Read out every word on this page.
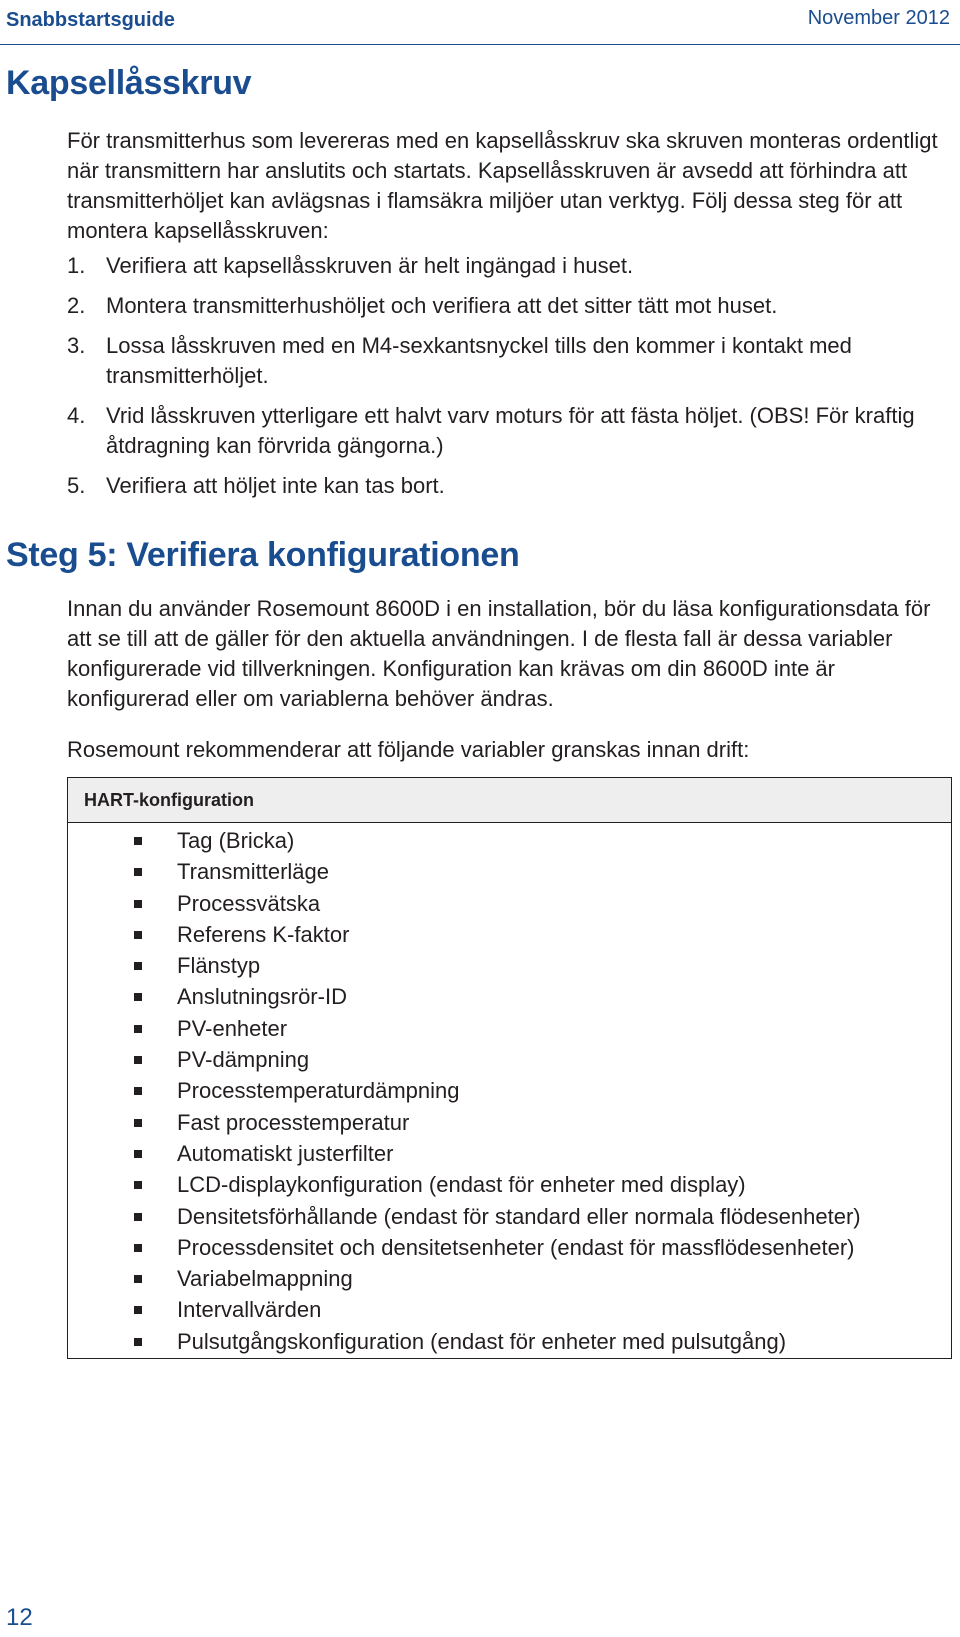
Snabbstartsguide	November 2012
Kapsellåsskruv

För transmitterhus som levereras med en kapsellåsskruv ska skruven monteras ordentligt när transmittern har anslutits och startats. Kapsellåsskruven är avsedd att förhindra att transmitterhöljet kan avlägsnas i flamsäkra miljöer utan verktyg. Följ dessa steg för att montera kapsellåsskruven:

1. Verifiera att kapsellåsskruven är helt ingängad i huset.
2. Montera transmitterhushöljet och verifiera att det sitter tätt mot huset.
3. Lossa låsskruven med en M4-sexkantsnyckel tills den kommer i kontakt med transmitterhöljet.
4. Vrid låsskruven ytterligare ett halvt varv moturs för att fästa höljet. (OBS! För kraftig åtdragning kan förvrida gängorna.)
5. Verifiera att höljet inte kan tas bort.
Steg 5: Verifiera konfigurationen

Innan du använder Rosemount 8600D i en installation, bör du läsa konfigurationsdata för att se till att de gäller för den aktuella användningen. I de flesta fall är dessa variabler konfigurerade vid tillverkningen. Konfiguration kan krävas om din 8600D inte är konfigurerad eller om variablerna behöver ändras.

Rosemount rekommenderar att följande variabler granskas innan drift:

HART-konfiguration
Tag (Bricka)
Transmitterläge
Processvätska
Referens K-faktor
Flänstyp
Anslutningsrör-ID
PV-enheter
PV-dämpning
Processtemperaturdämpning
Fast processtemperatur
Automatiskt justerfilter
LCD-displaykonfiguration (endast för enheter med display)
Densitetsförhållande (endast för standard eller normala flödesenheter)
Processdensitet och densitetsenheter (endast för massflödesenheter)
Variabelmappning
Intervallvärden
Pulsutgångskonfiguration (endast för enheter med pulsutgång)
12
